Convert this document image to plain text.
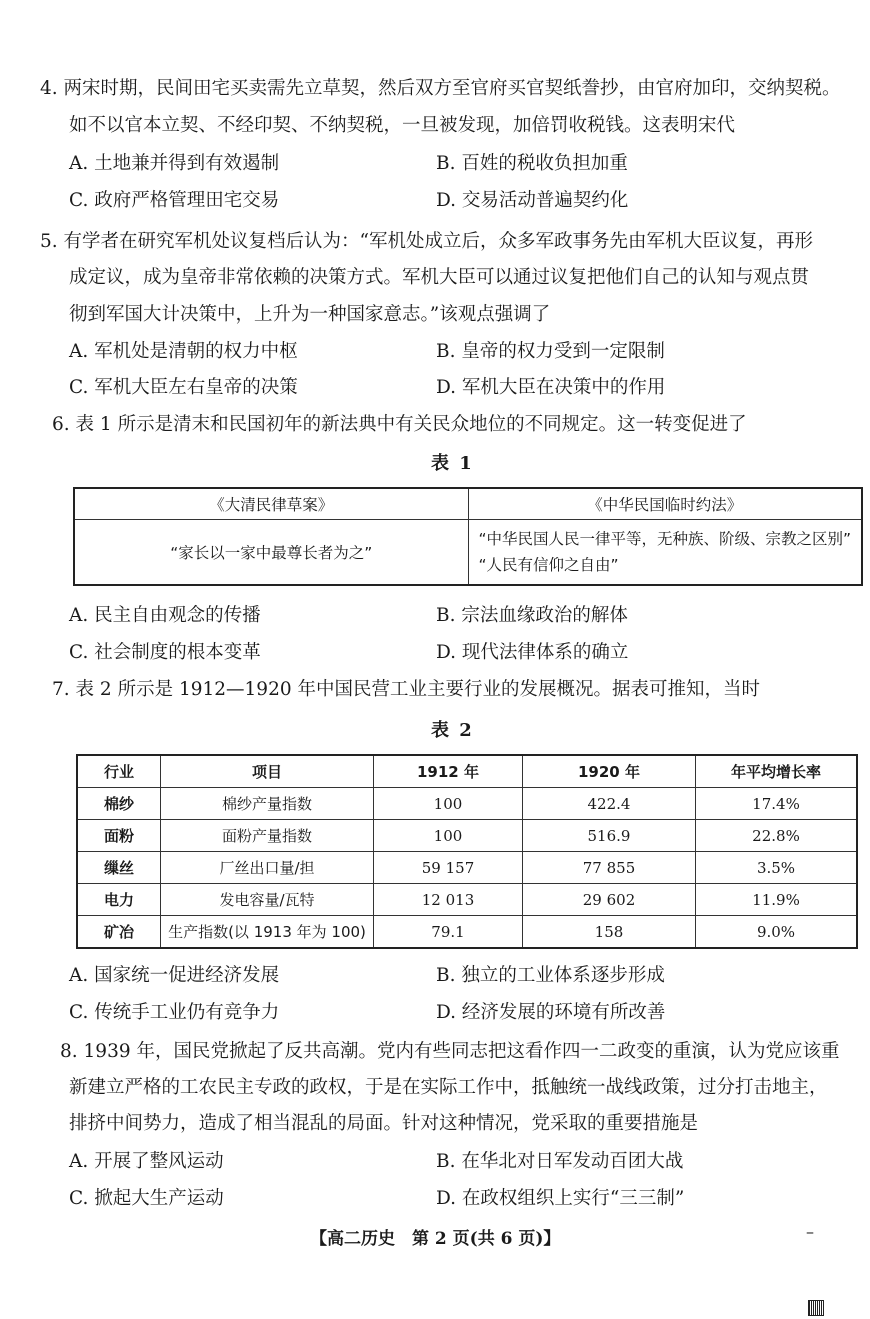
4. 两宋时期，民间田宅买卖需先立草契，然后双方至官府买官契纸誊抄，由官府加印，交纳契税。
如不以官本立契、不经印契、不纳契税，一旦被发现，加倍罚收税钱。这表明宋代
A. 土地兼并得到有效遏制	B. 百姓的税收负担加重
C. 政府严格管理田宅交易	D. 交易活动普遍契约化
5. 有学者在研究军机处议复档后认为：“军机处成立后，众多军政事务先由军机大臣议复，再形
成定议，成为皇帝非常依赖的决策方式。军机大臣可以通过议复把他们自己的认知与观点贯
彻到军国大计决策中，上升为一种国家意志。”该观点强调了
A. 军机处是清朝的权力中枢	B. 皇帝的权力受到一定限制
C. 军机大臣左右皇帝的决策	D. 军机大臣在决策中的作用
6. 表 1 所示是清末和民国初年的新法典中有关民众地位的不同规定。这一转变促进了
表 1
《大清民律草案》	《中华民国临时约法》
“家长以一家中最尊长者为之”	“中华民国人民一律平等，无种族、阶级、宗教之区别”
“人民有信仰之自由”
A. 民主自由观念的传播	B. 宗法血缘政治的解体
C. 社会制度的根本变革	D. 现代法律体系的确立
7. 表 2 所示是 1912—1920 年中国民营工业主要行业的发展概况。据表可推知，当时
表 2
行业	项目	1912 年	1920 年	年平均增长率
棉纱	棉纱产量指数	100	422.4	17.4%
面粉	面粉产量指数	100	516.9	22.8%
缫丝	厂丝出口量/担	59 157	77 855	3.5%
电力	发电容量/瓦特	12 013	29 602	11.9%
矿冶	生产指数(以 1913 年为 100)	79.1	158	9.0%
A. 国家统一促进经济发展	B. 独立的工业体系逐步形成
C. 传统手工业仍有竞争力	D. 经济发展的环境有所改善
8. 1939 年，国民党掀起了反共高潮。党内有些同志把这看作四一二政变的重演，认为党应该重
新建立严格的工农民主专政的政权，于是在实际工作中，抵触统一战线政策，过分打击地主，
排挤中间势力，造成了相当混乱的局面。针对这种情况，党采取的重要措施是
A. 开展了整风运动	B. 在华北对日军发动百团大战
C. 掀起大生产运动	D. 在政权组织上实行“三三制”
【高二历史　第 2 页(共 6 页)】	–
